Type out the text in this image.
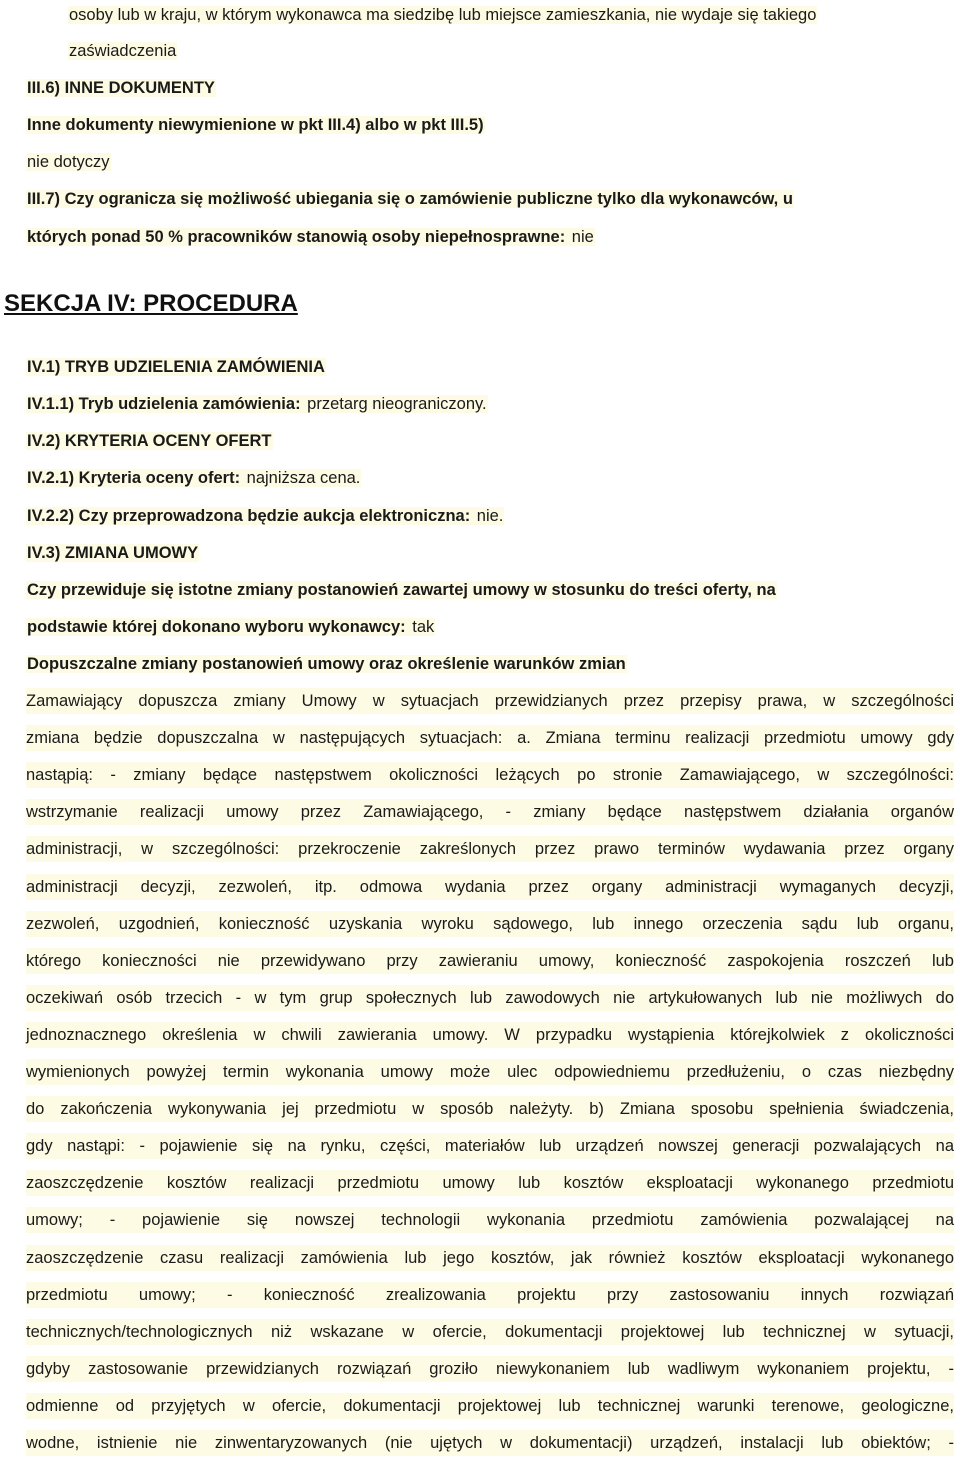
osoby lub w kraju, w którym wykonawca ma siedzibę lub miejsce zamieszkania, nie wydaje się takiego
zaświadczenia
III.6) INNE DOKUMENTY
Inne dokumenty niewymienione w pkt III.4) albo w pkt III.5)
nie dotyczy
III.7) Czy ogranicza się możliwość ubiegania się o zamówienie publiczne tylko dla wykonawców, u
których ponad 50 % pracowników stanowią osoby niepełnosprawne: nie
SEKCJA IV: PROCEDURA
IV.1) TRYB UDZIELENIA ZAMÓWIENIA
IV.1.1) Tryb udzielenia zamówienia: przetarg nieograniczony.
IV.2) KRYTERIA OCENY OFERT
IV.2.1) Kryteria oceny ofert: najniższa cena.
IV.2.2) Czy przeprowadzona będzie aukcja elektroniczna: nie.
IV.3) ZMIANA UMOWY
Czy przewiduje się istotne zmiany postanowień zawartej umowy w stosunku do treści oferty, na
podstawie której dokonano wyboru wykonawcy: tak
Dopuszczalne zmiany postanowień umowy oraz określenie warunków zmian
Zamawiający dopuszcza zmiany Umowy w sytuacjach przewidzianych przez przepisy prawa, w szczególności
zmiana będzie dopuszczalna w następujących sytuacjach: a. Zmiana terminu realizacji przedmiotu umowy gdy
nastąpią: - zmiany będące następstwem okoliczności leżących po stronie Zamawiającego, w szczególności:
wstrzymanie realizacji umowy przez Zamawiającego, - zmiany będące następstwem działania organów
administracji, w szczególności: przekroczenie zakreślonych przez prawo terminów wydawania przez organy
administracji decyzji, zezwoleń, itp. odmowa wydania przez organy administracji wymaganych decyzji,
zezwoleń, uzgodnień, konieczność uzyskania wyroku sądowego, lub innego orzeczenia sądu lub organu,
którego konieczności nie przewidywano przy zawieraniu umowy, konieczność zaspokojenia roszczeń lub
oczekiwań osób trzecich - w tym grup społecznych lub zawodowych nie artykułowanych lub nie możliwych do
jednoznacznego określenia w chwili zawierania umowy. W przypadku wystąpienia którejkolwiek z okoliczności
wymienionych powyżej termin wykonania umowy może ulec odpowiedniemu przedłużeniu, o czas niezbędny
do zakończenia wykonywania jej przedmiotu w sposób należyty. b) Zmiana sposobu spełnienia świadczenia,
gdy nastąpi: - pojawienie się na rynku, części, materiałów lub urządzeń nowszej generacji pozwalających na
zaoszczędzenie kosztów realizacji przedmiotu umowy lub kosztów eksploatacji wykonanego przedmiotu
umowy; - pojawienie się nowszej technologii wykonania przedmiotu zamówienia pozwalającej na
zaoszczędzenie czasu realizacji zamówienia lub jego kosztów, jak również kosztów eksploatacji wykonanego
przedmiotu umowy; - konieczność zrealizowania projektu przy zastosowaniu innych rozwiązań
technicznych/technologicznych niż wskazane w ofercie, dokumentacji projektowej lub technicznej w sytuacji,
gdyby zastosowanie przewidzianych rozwiązań groziło niewykonaniem lub wadliwym wykonaniem projektu, -
odmienne od przyjętych w ofercie, dokumentacji projektowej lub technicznej warunki terenowe, geologiczne,
wodne, istnienie nie zinwentaryzowanych (nie ujętych w dokumentacji) urządzeń, instalacji lub obiektów; -
